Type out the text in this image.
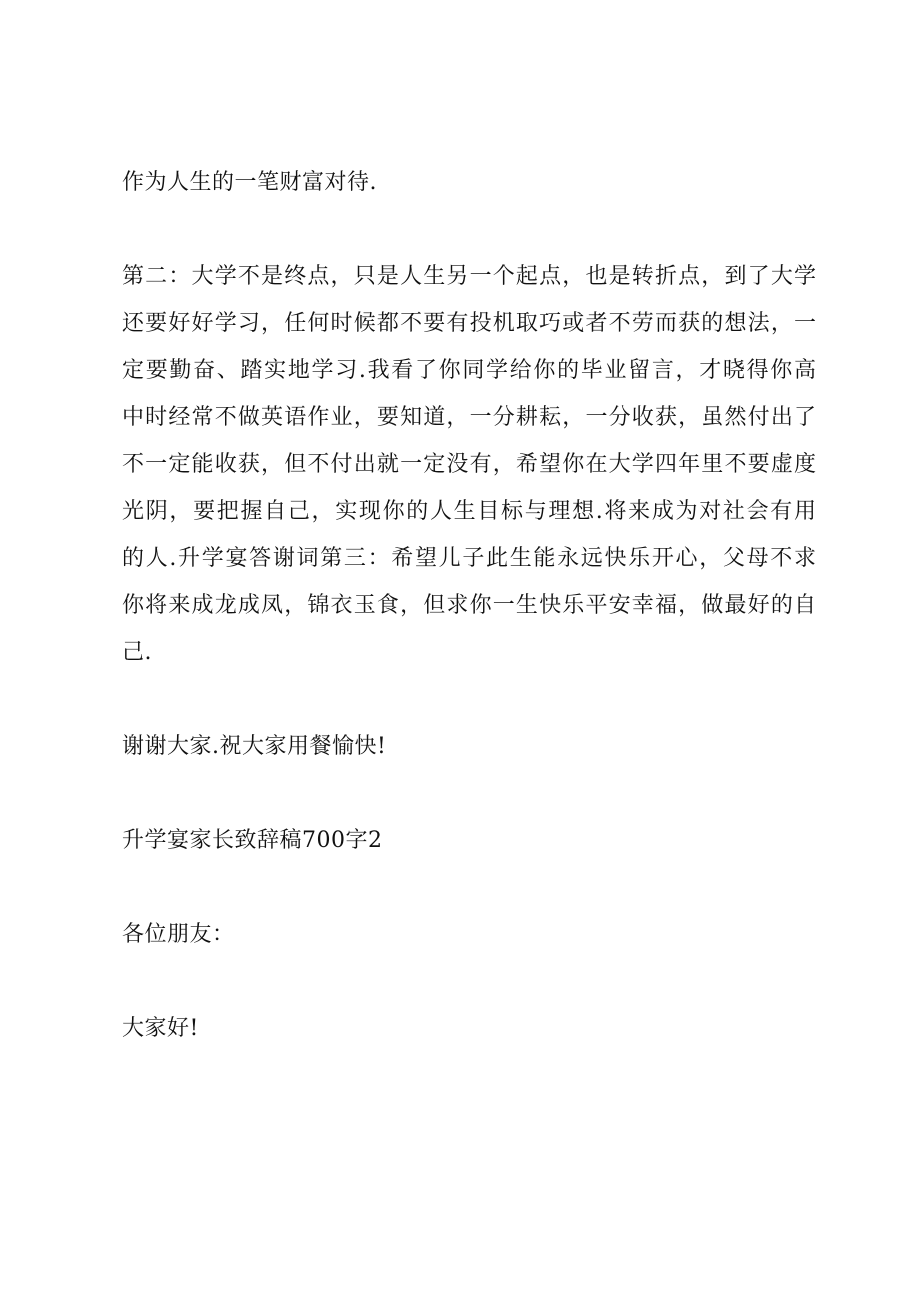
作为人生的一笔财富对待.

第二：大学不是终点，只是人生另一个起点，也是转折点，到了大学

还要好好学习，任何时候都不要有投机取巧或者不劳而获的想法，一

定要勤奋、踏实地学习.我看了你同学给你的毕业留言，才晓得你高

中时经常不做英语作业，要知道，一分耕耘，一分收获，虽然付出了

不一定能收获，但不付出就一定没有，希望你在大学四年里不要虚度

光阴，要把握自己，实现你的人生目标与理想.将来成为对社会有用

的人.升学宴答谢词第三：希望儿子此生能永远快乐开心，父母不求

你将来成龙成凤，锦衣玉食，但求你一生快乐平安幸福，做最好的自

己.

谢谢大家.祝大家用餐愉快!

升学宴家长致辞稿700字2

各位朋友：

大家好!
